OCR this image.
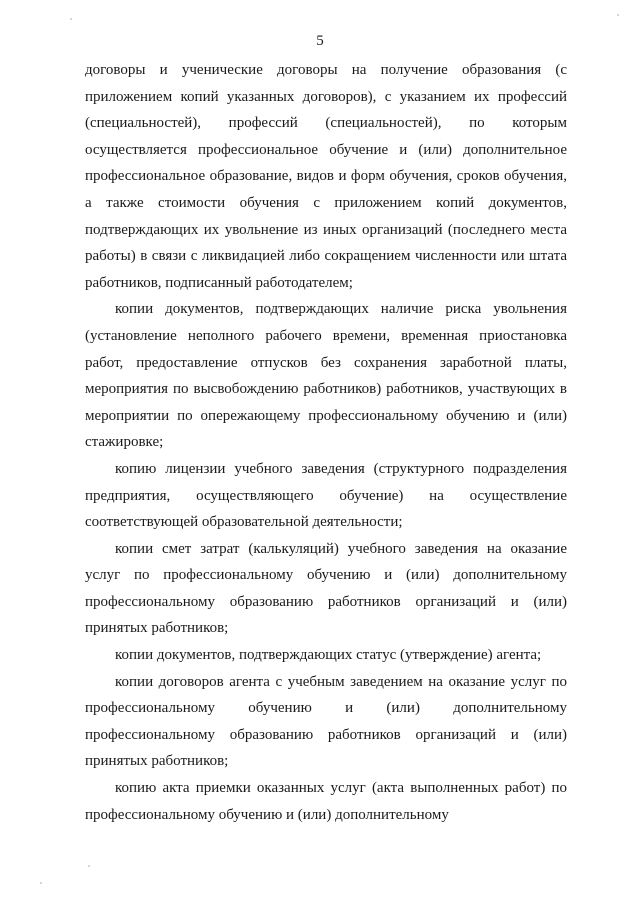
5

договоры и ученические договоры на получение образования (с приложением копий указанных договоров), с указанием их профессий (специальностей), профессий (специальностей), по которым осуществляется профессиональное обучение и (или) дополнительное профессиональное образование, видов и форм обучения, сроков обучения, а также стоимости обучения с приложением копий документов, подтверждающих их увольнение из иных организаций (последнего места работы) в связи с ликвидацией либо сокращением численности или штата работников, подписанный работодателем;

копии документов, подтверждающих наличие риска увольнения (установление неполного рабочего времени, временная приостановка работ, предоставление отпусков без сохранения заработной платы, мероприятия по высвобождению работников) работников, участвующих в мероприятии по опережающему профессиональному обучению и (или) стажировке;

копию лицензии учебного заведения (структурного подразделения предприятия, осуществляющего обучение) на осуществление соответствующей образовательной деятельности;

копии смет затрат (калькуляций) учебного заведения на оказание услуг по профессиональному обучению и (или) дополнительному профессиональному образованию работников организаций и (или) принятых работников;

копии документов, подтверждающих статус (утверждение) агента;

копии договоров агента с учебным заведением на оказание услуг по профессиональному обучению и (или) дополнительному профессиональному образованию работников организаций и (или) принятых работников;

копию акта приемки оказанных услуг (акта выполненных работ) по профессиональному обучению и (или) дополнительному
